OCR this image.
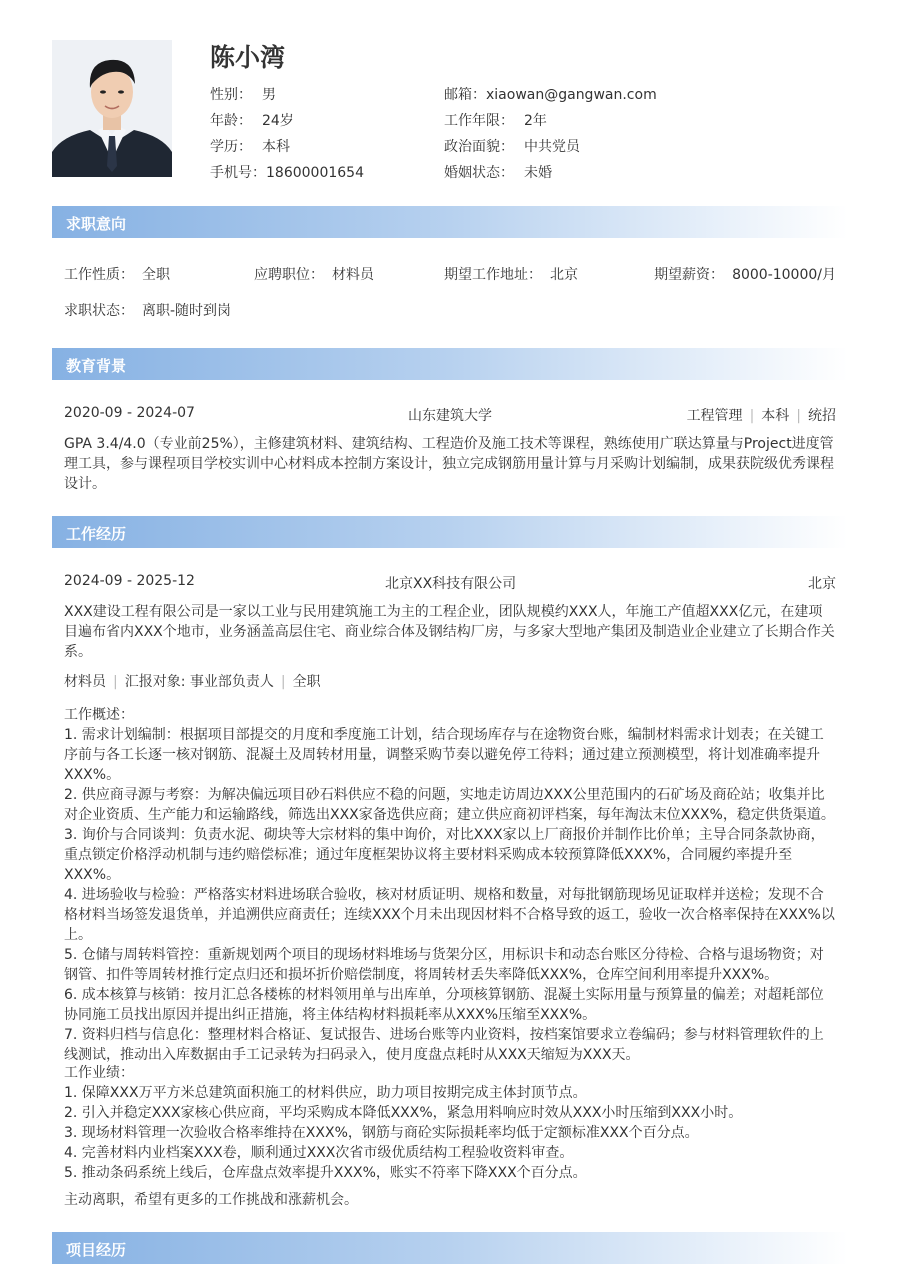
陈小湾
性别： 男	邮箱：xiaowan@gangwan.com
年龄： 24岁	工作年限： 2年
学历： 本科	政治面貌： 中共党员
手机号：18600001654	婚姻状态： 未婚
求职意向
工作性质： 全职	应聘职位： 材料员	期望工作地址： 北京	期望薪资： 8000-10000/月
求职状态： 离职-随时到岗
教育背景
2020-09 - 2024-07	山东建筑大学	工程管理 | 本科 | 统招
GPA 3.4/4.0（专业前25%），主修建筑材料、建筑结构、工程造价及施工技术等课程，熟练使用广联达算量与Project进度管理工具，参与课程项目学校实训中心材料成本控制方案设计，独立完成钢筋用量计算与月采购计划编制，成果获院级优秀课程设计。
工作经历
2024-09 - 2025-12	北京XX科技有限公司	北京
XXX建设工程有限公司是一家以工业与民用建筑施工为主的工程企业，团队规模约XXX人，年施工产值超XXX亿元，在建项目遍布省内XXX个地市，业务涵盖高层住宅、商业综合体及钢结构厂房，与多家大型地产集团及制造业企业建立了长期合作关系。
材料员 | 汇报对象: 事业部负责人 | 全职

工作概述：

1. 需求计划编制：根据项目部提交的月度和季度施工计划，结合现场库存与在途物资台账，编制材料需求计划表；在关键工序前与各工长逐一核对钢筋、混凝土及周转材用量，调整采购节奏以避免停工待料；通过建立预测模型，将计划准确率提升XXX%。

2. 供应商寻源与考察：为解决偏远项目砂石料供应不稳的问题，实地走访周边XXX公里范围内的石矿场及商砼站；收集并比对企业资质、生产能力和运输路线，筛选出XXX家备选供应商；建立供应商初评档案，每年淘汰末位XXX%，稳定供货渠道。

3. 询价与合同谈判：负责水泥、砌块等大宗材料的集中询价，对比XXX家以上厂商报价并制作比价单；主导合同条款协商，重点锁定价格浮动机制与违约赔偿标准；通过年度框架协议将主要材料采购成本较预算降低XXX%，合同履约率提升至XXX%。

4. 进场验收与检验：严格落实材料进场联合验收，核对材质证明、规格和数量，对每批钢筋现场见证取样并送检；发现不合格材料当场签发退货单，并追溯供应商责任；连续XXX个月未出现因材料不合格导致的返工，验收一次合格率保持在XXX%以上。

5. 仓储与周转料管控：重新规划两个项目的现场材料堆场与货架分区，用标识卡和动态台账区分待检、合格与退场物资；对钢管、扣件等周转材推行定点归还和损坏折价赔偿制度，将周转材丢失率降低XXX%，仓库空间利用率提升XXX%。

6. 成本核算与核销：按月汇总各楼栋的材料领用单与出库单，分项核算钢筋、混凝土实际用量与预算量的偏差；对超耗部位协同施工员找出原因并提出纠正措施，将主体结构材料损耗率从XXX%压缩至XXX%。

7. 资料归档与信息化：整理材料合格证、复试报告、进场台账等内业资料，按档案馆要求立卷编码；参与材料管理软件的上线测试，推动出入库数据由手工记录转为扫码录入，使月度盘点耗时从XXX天缩短为XXX天。

工作业绩：

1. 保障XXX万平方米总建筑面积施工的材料供应，助力项目按期完成主体封顶节点。

2. 引入并稳定XXX家核心供应商，平均采购成本降低XXX%，紧急用料响应时效从XXX小时压缩到XXX小时。

3. 现场材料管理一次验收合格率维持在XXX%，钢筋与商砼实际损耗率均低于定额标准XXX个百分点。

4. 完善材料内业档案XXX卷，顺利通过XXX次省市级优质结构工程验收资料审查。

5. 推动条码系统上线后，仓库盘点效率提升XXX%，账实不符率下降XXX个百分点。

主动离职，希望有更多的工作挑战和涨薪机会。
项目经历
